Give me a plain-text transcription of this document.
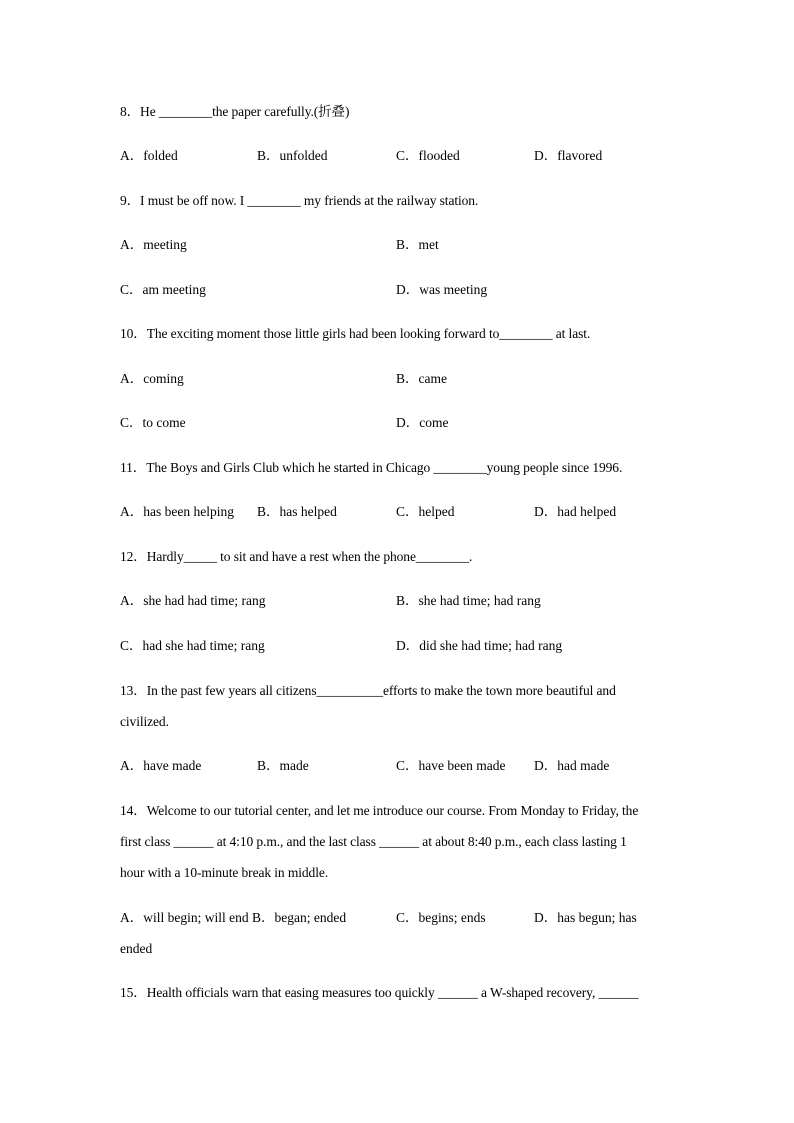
8．He ________the paper carefully.(折叠)
A．folded	B．unfolded	C．flooded	D．flavored
9．I must be off now. I ________ my friends at the railway station.
A．meeting	B．met
C．am meeting	D．was meeting
10．The exciting moment those little girls had been looking forward to________ at last.
A．coming	B．came
C．to come	D．come
11．The Boys and Girls Club which he started in Chicago ________young people since 1996.
A．has been helping B．has helped	C．helped	D．had helped
12．Hardly_____ to sit and have a rest when the phone________.
A．she had had time; rang	B．she had time; had rang
C．had she had time; rang	D．did she had time; had rang
13．In the past few years all citizens__________efforts to make the town more beautiful and
civilized.
A．have made	B．made	C．have been made D．had made
14．Welcome to our tutorial center, and let me introduce our course. From Monday to Friday, the
first class ______ at 4:10 p.m., and the last class ______ at about 8:40 p.m., each class lasting 1
hour with a 10-minute break in middle.
A．will begin; will end B．began; ended	C．begins; ends	D．has begun; has
ended
15．Health officials warn that easing measures too quickly ______ a W-shaped recovery, ______
